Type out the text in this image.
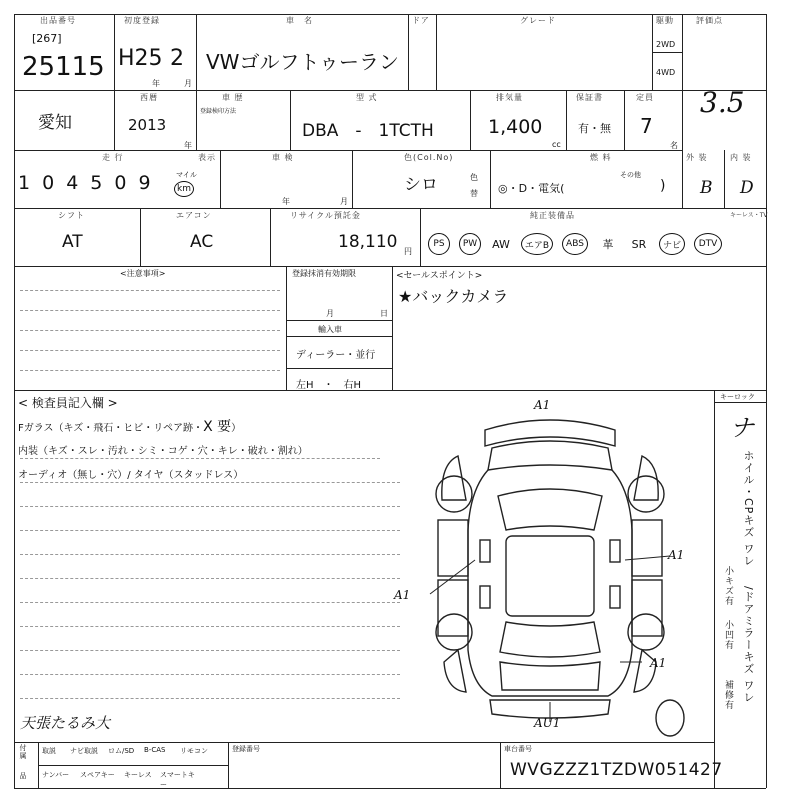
出品番号
[267]
25115
初度登録
H25 2
年	月
車　名
VWゴルフトゥーラン
ドア	グレード	駆動
2WD
4WD
評価点
3.5
愛知
西暦
2013
年
車 歴
登録検印方法
型 式
DBA　-　1TCTH
排気量
1,400
cc
保証書
有・無
定員
7
名
走 行	表示
1 0 4 5 0 9	マイル
km
車 検
年	月
色(Col.No)
シロ	色
替
燃 料
◎・D・電気(
その他
)
外 装
B
内 装
D
シフト
AT
エアコン
AC
リサイクル預託金
18,110 円
純正装備品	キーレス・TV
PS	PW	AW	エアB	ABS	革	SR	ナビ	DTV
<注意事項>	登録抹消有効期限
月	日
輸入車
ディーラー・並行
左H　・　右H
<セールスポイント>
★バックカメラ
< 検査員記入欄 >
Fガラス（キズ・飛石・ヒビ・リペア跡・X 要）
内装（キズ・スレ・汚れ・シミ・コゲ・穴・キレ・破れ・割れ）
オーディオ（無し・穴）/ タイヤ（スタッドレス）
天張たるみ大
A1
A1
A1
A1
AU1
キーロック
ナ
ホイル・CPキズ ワレ
/ドアミラーキズ ワレ
小キズ有
小凹有
補修有
付属
品
取説	ナビ取説	ロム/SD	B-CAS	リモコン
ナンバー	スペアキー	キーレス	スマートキー
登録番号	車台番号
WVGZZZ1TZDW051427
